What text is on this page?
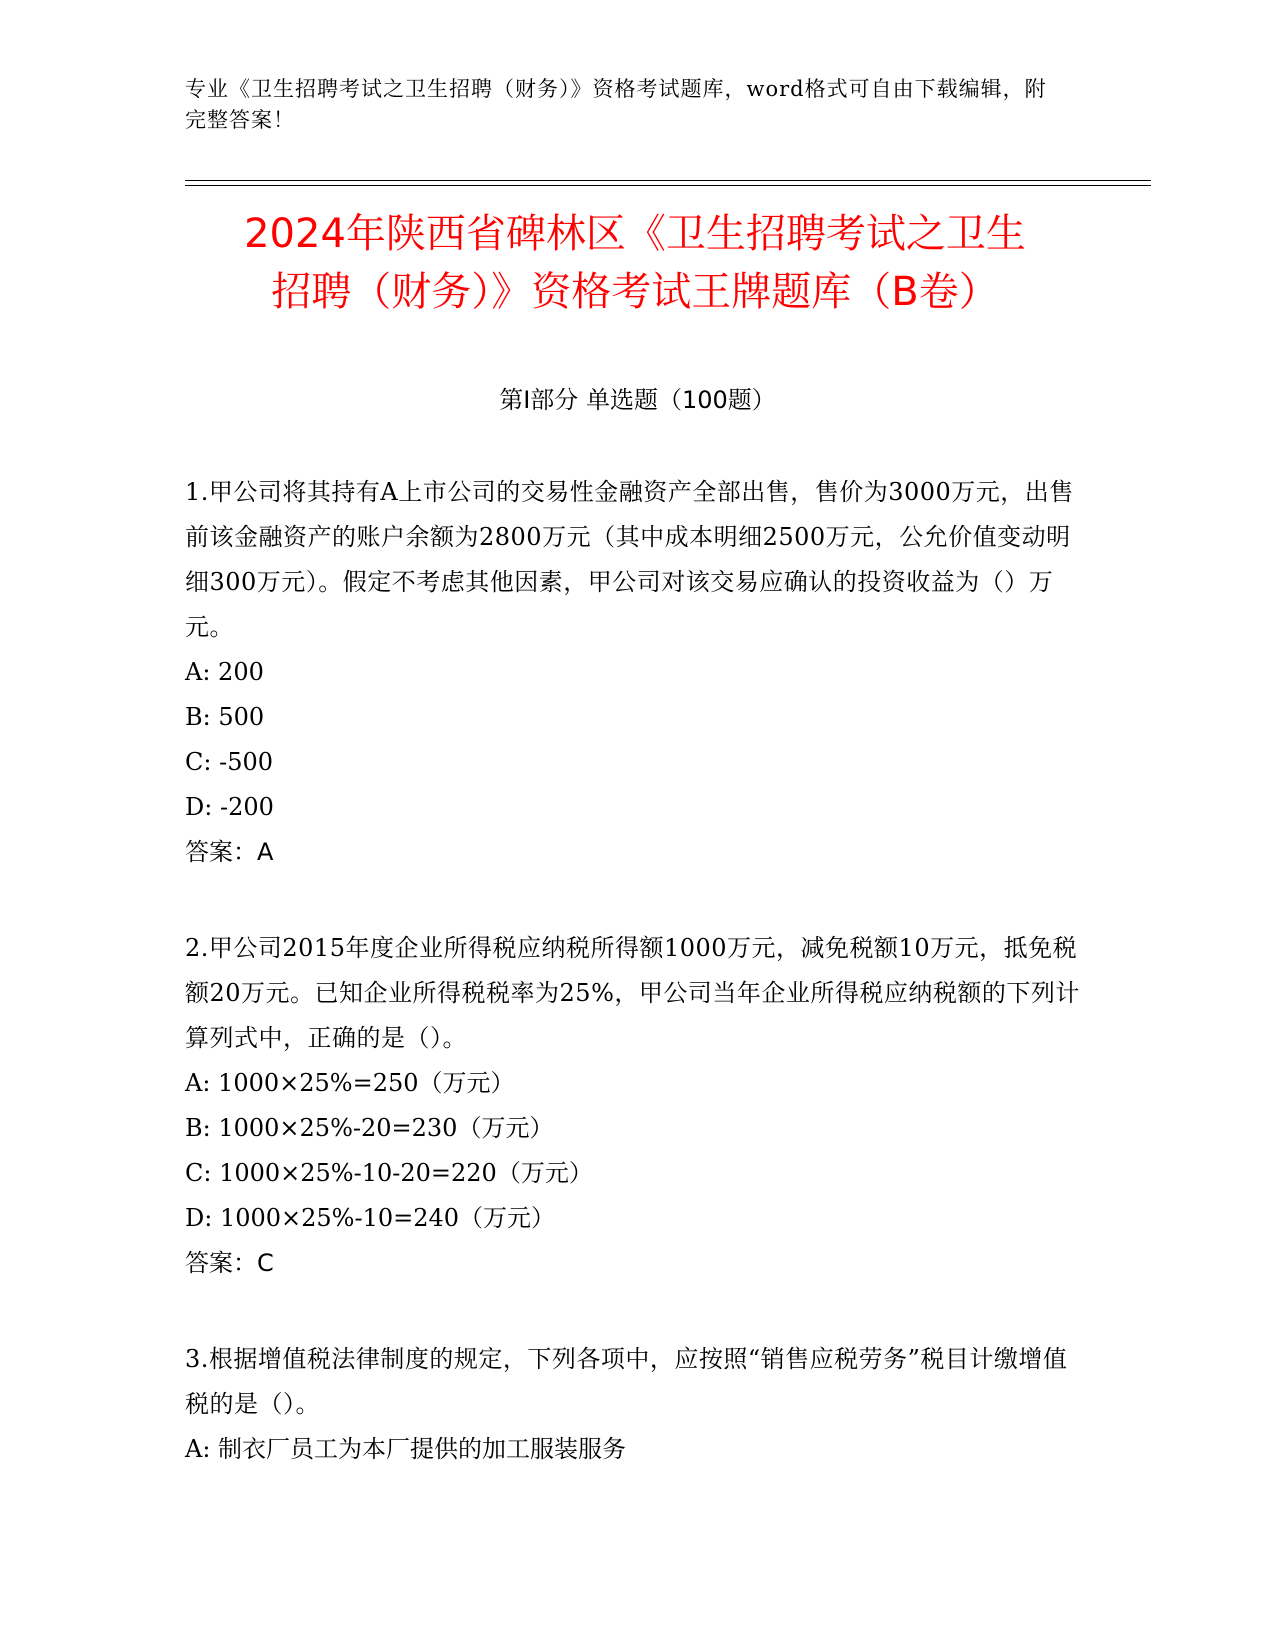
专业《卫生招聘考试之卫生招聘（财务）》资格考试题库，word格式可自由下载编辑，附完整答案！
2024年陕西省碑林区《卫生招聘考试之卫生
招聘（财务）》资格考试王牌题库（B卷）
第I部分 单选题（100题）

1.甲公司将其持有A上市公司的交易性金融资产全部出售，售价为3000万元，出售前该金融资产的账户余额为2800万元（其中成本明细2500万元，公允价值变动明细300万元）。假定不考虑其他因素，甲公司对该交易应确认的投资收益为（）万元。

A: 200

B: 500

C: -500

D: -200

答案：A

2.甲公司2015年度企业所得税应纳税所得额1000万元，减免税额10万元，抵免税额20万元。已知企业所得税税率为25%，甲公司当年企业所得税应纳税额的下列计算列式中，正确的是（）。

A: 1000×25%=250（万元）

B: 1000×25%-20=230（万元）

C: 1000×25%-10-20=220（万元）

D: 1000×25%-10=240（万元）

答案：C

3.根据增值税法律制度的规定，下列各项中，应按照“销售应税劳务”税目计缴增值税的是（）。

A: 制衣厂员工为本厂提供的加工服装服务
